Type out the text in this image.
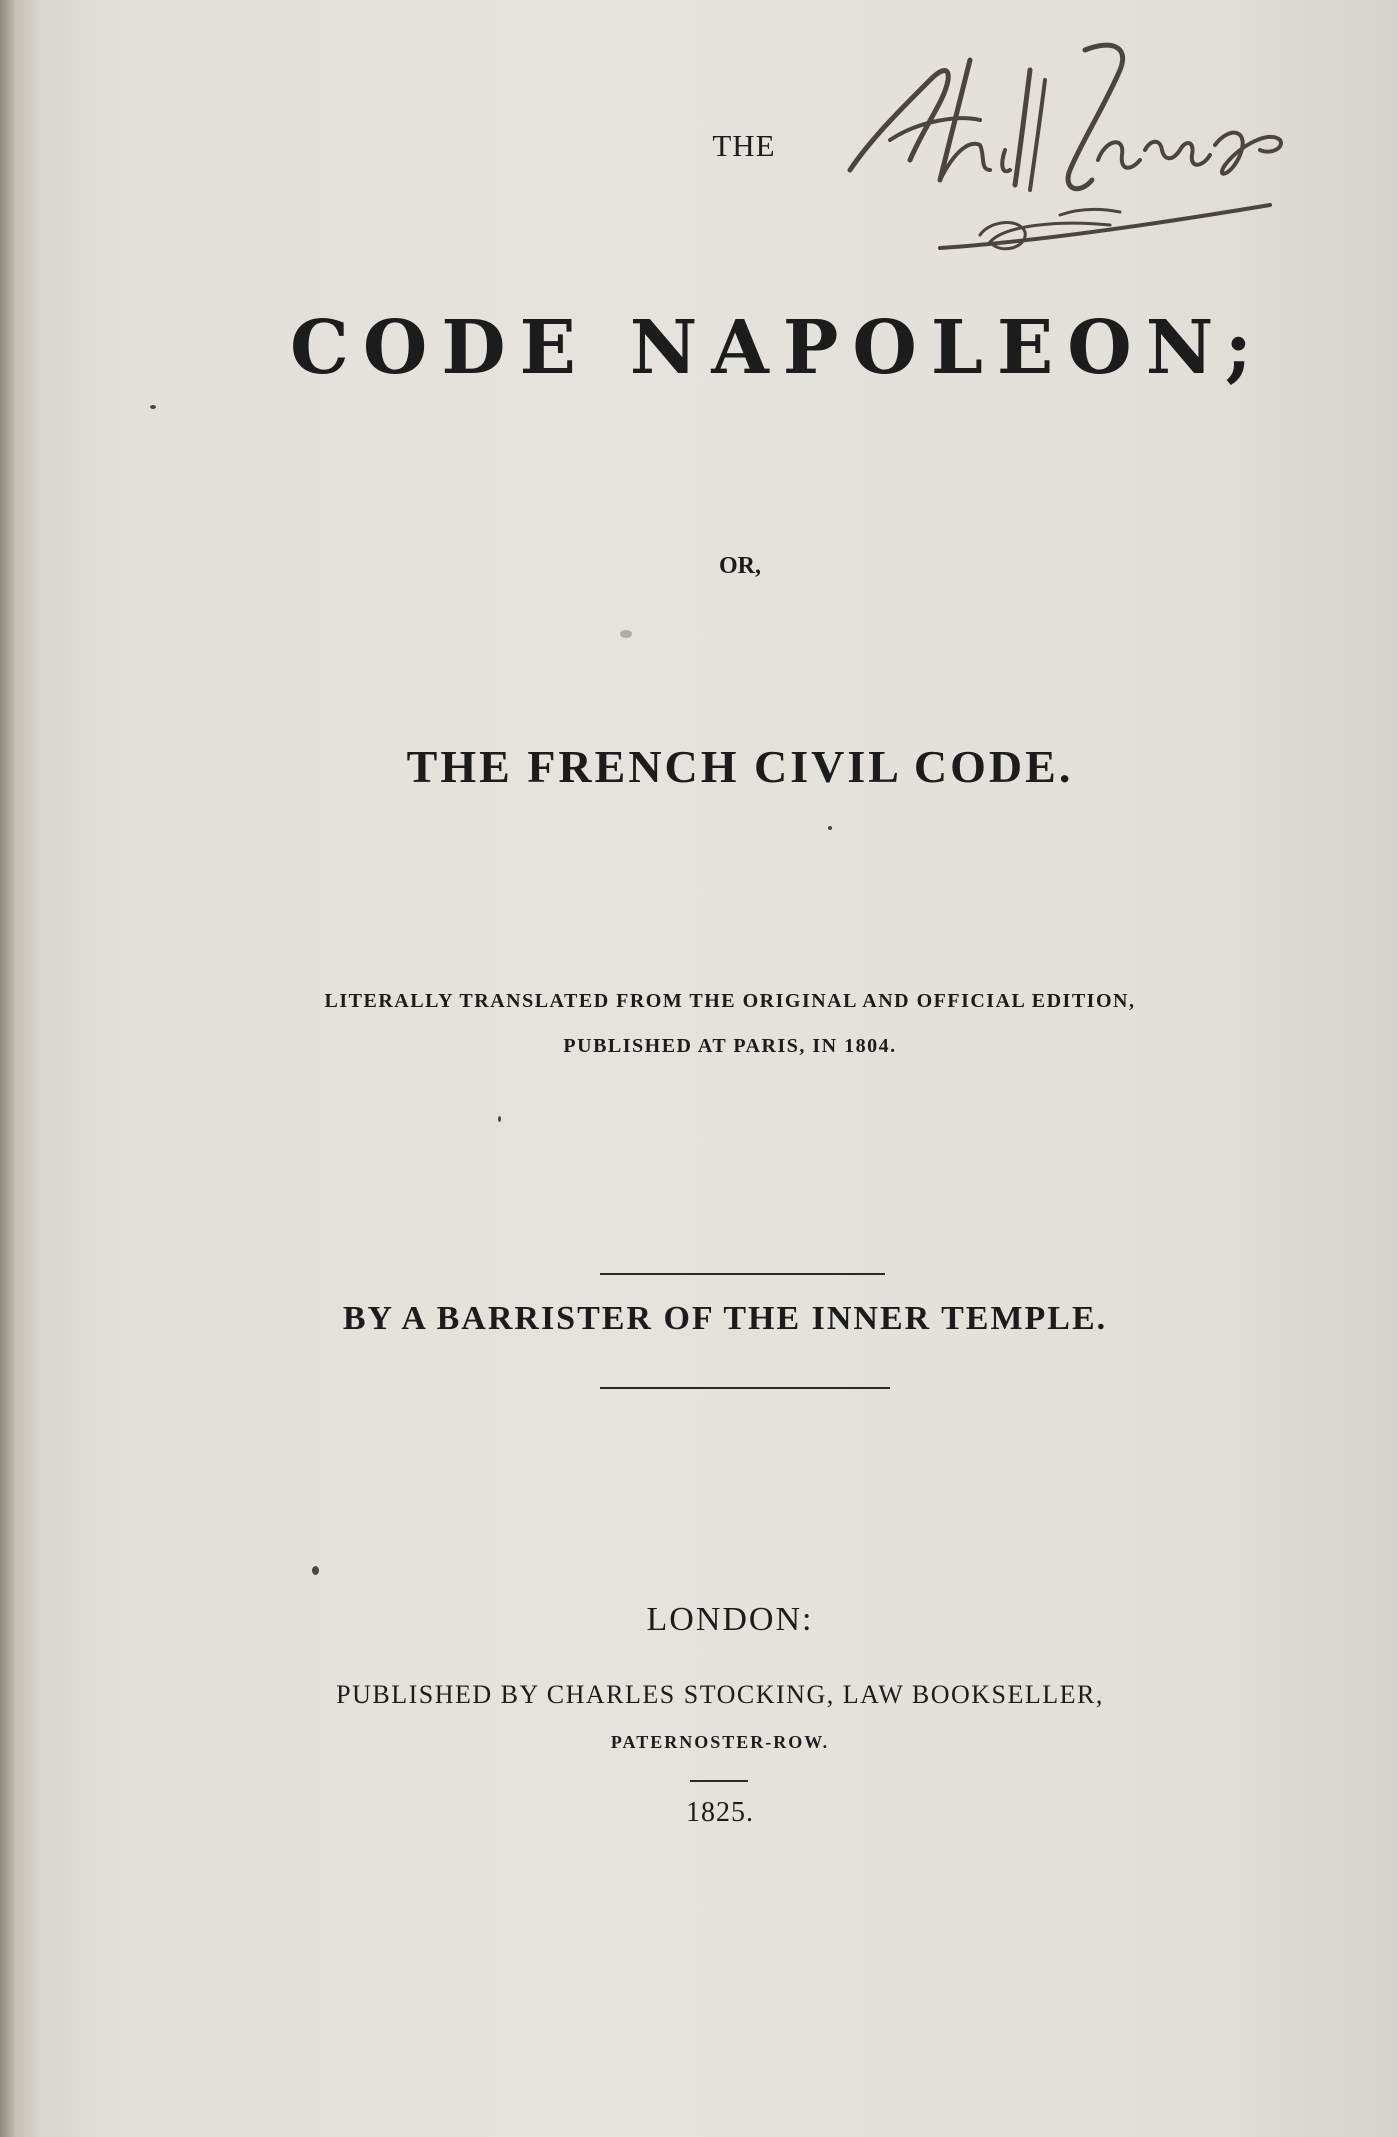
THE
CODE NAPOLEON;
OR,
THE FRENCH CIVIL CODE.
LITERALLY TRANSLATED FROM THE ORIGINAL AND OFFICIAL EDITION,
PUBLISHED AT PARIS, IN 1804.
BY A BARRISTER OF THE INNER TEMPLE.
LONDON:
PUBLISHED BY CHARLES STOCKING, LAW BOOKSELLER,
PATERNOSTER-ROW.
1825.
